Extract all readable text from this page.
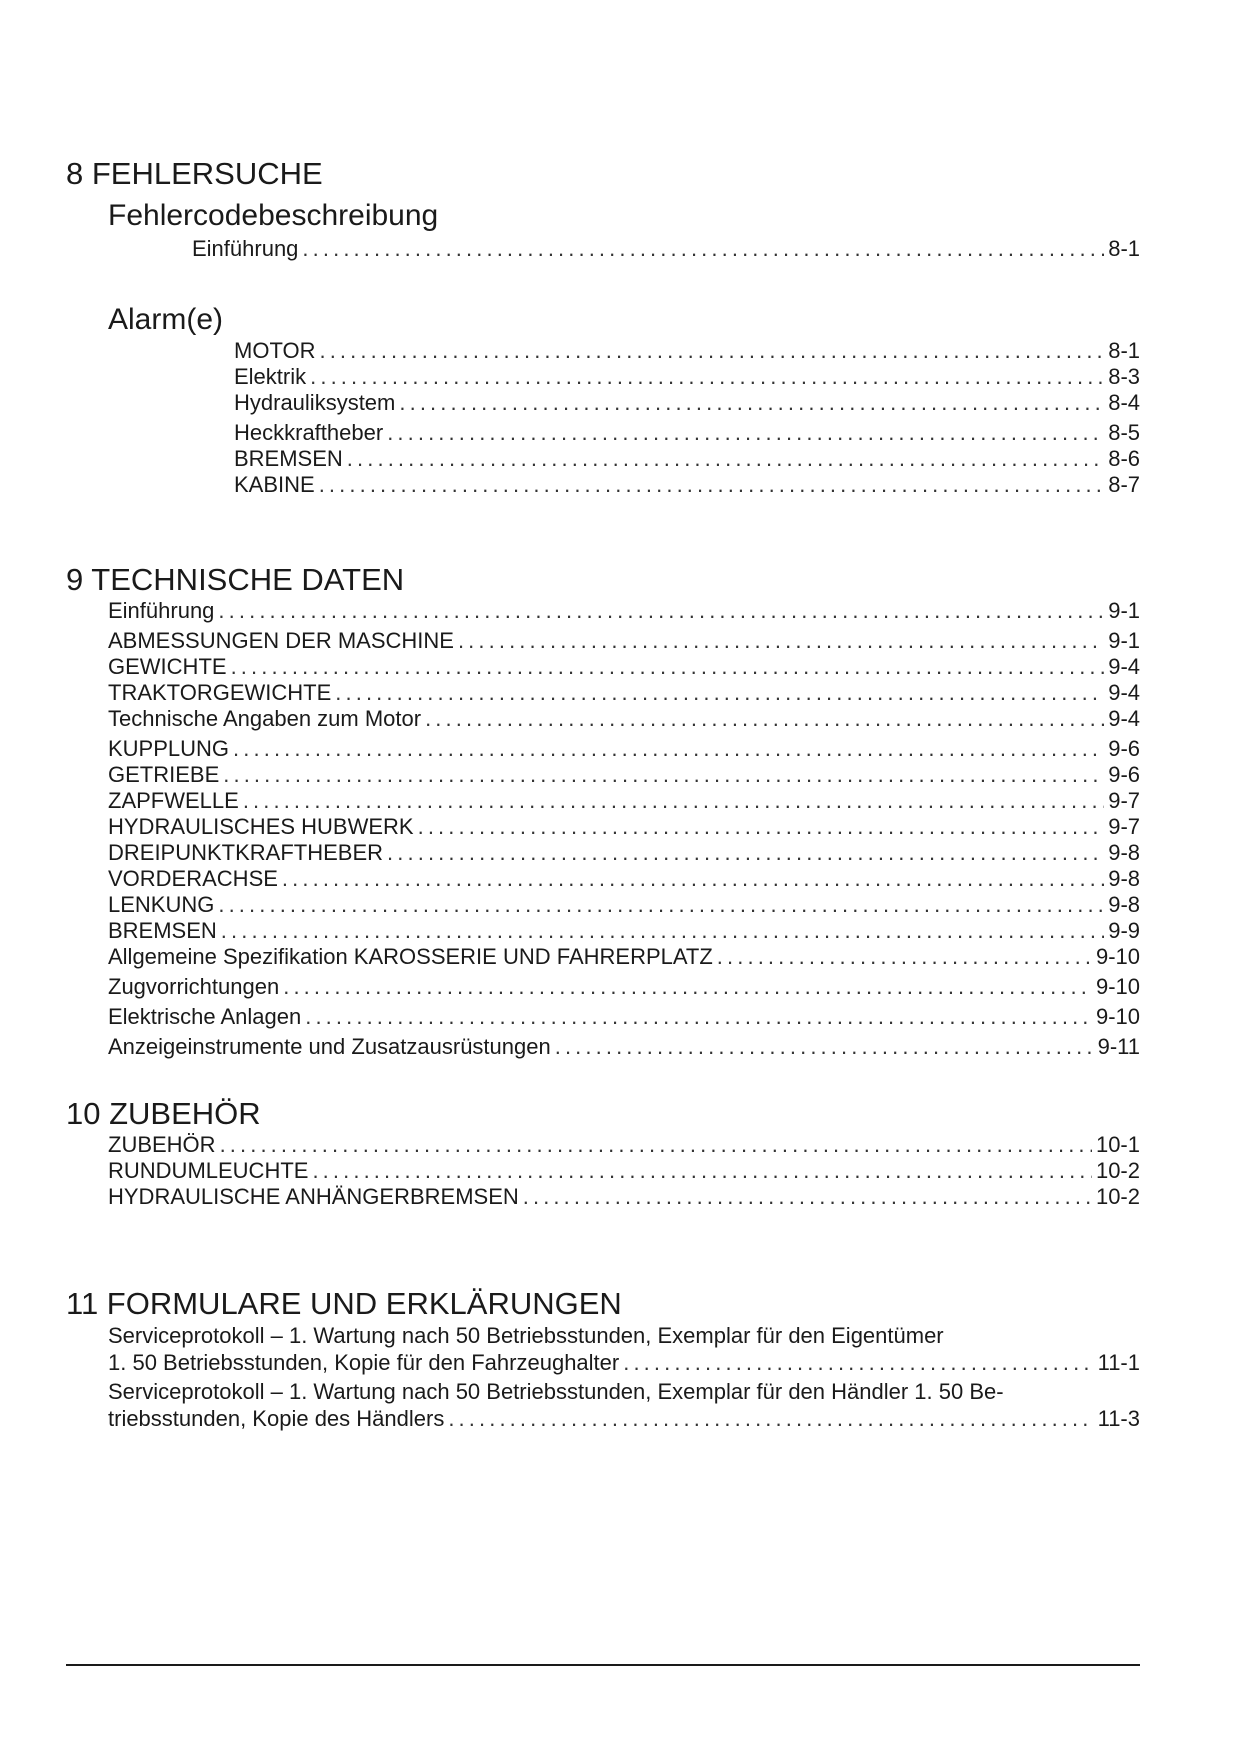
8 FEHLERSUCHE
Fehlercodebeschreibung
Einführung . . .	8-1
Alarm(e)
MOTOR . . .	8-1
Elektrik . . .	8-3
Hydrauliksystem . . .	8-4
Heckkraftheber . . .	8-5
BREMSEN . . .	8-6
KABINE . . .	8-7
9 TECHNISCHE DATEN
Einführung . . .	9-1
ABMESSUNGEN DER MASCHINE . . .	9-1
GEWICHTE . . .	9-4
TRAKTORGEWICHTE . . .	9-4
Technische Angaben zum Motor . . .	9-4
KUPPLUNG . . .	9-6
GETRIEBE . . .	9-6
ZAPFWELLE . . .	9-7
HYDRAULISCHES HUBWERK . . .	9-7
DREIPUNKTKRAFTHEBER . . .	9-8
VORDERACHSE . . .	9-8
LENKUNG . . .	9-8
BREMSEN . . .	9-9
Allgemeine Spezifikation KAROSSERIE UND FAHRERPLATZ . . .	9-10
Zugvorrichtungen . . .	9-10
Elektrische Anlagen . . .	9-10
Anzeigeinstrumente und Zusatzausrüstungen . . .	9-11
10 ZUBEHÖR
ZUBEHÖR . . .	10-1
RUNDUMLEUCHTE . . .	10-2
HYDRAULISCHE ANHÄNGERBREMSEN . . .	10-2
11 FORMULARE UND ERKLÄRUNGEN
Serviceprotokoll – 1. Wartung nach 50 Betriebsstunden, Exemplar für den Eigentümer
1. 50 Betriebsstunden, Kopie für den Fahrzeughalter . . .	11-1
Serviceprotokoll – 1. Wartung nach 50 Betriebsstunden, Exemplar für den Händler 1. 50 Be-
triebsstunden, Kopie des Händlers . . .	11-3
